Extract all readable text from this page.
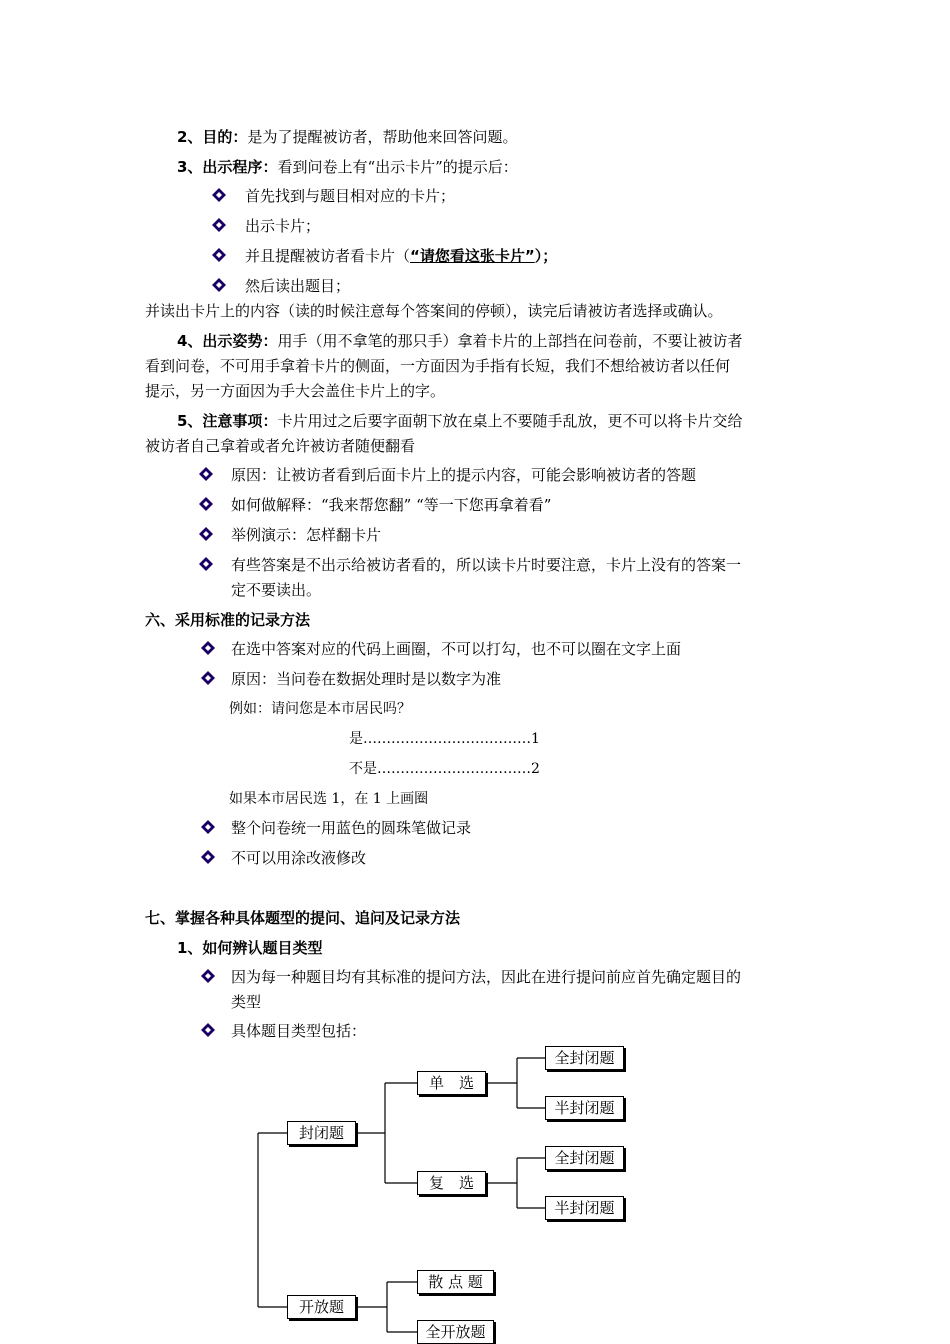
2、目的：是为了提醒被访者，帮助他来回答问题。
3、出示程序：看到问卷上有“出示卡片”的提示后：
首先找到与题目相对应的卡片；
出示卡片；
并且提醒被访者看卡片（“请您看这张卡片”）；
然后读出题目；
并读出卡片上的内容（读的时候注意每个答案间的停顿），读完后请被访者选择或确认。
4、出示姿势：用手（用不拿笔的那只手）拿着卡片的上部挡在问卷前，不要让被访者
看到问卷，不可用手拿着卡片的侧面，一方面因为手指有长短，我们不想给被访者以任何
提示，另一方面因为手大会盖住卡片上的字。
5、注意事项：卡片用过之后要字面朝下放在桌上不要随手乱放，更不可以将卡片交给
被访者自己拿着或者允许被访者随便翻看
原因：让被访者看到后面卡片上的提示内容，可能会影响被访者的答题
如何做解释：“我来帮您翻” “等一下您再拿着看”
举例演示：怎样翻卡片
有些答案是不出示给被访者看的，所以读卡片时要注意，卡片上没有的答案一
定不要读出。
六、采用标准的记录方法
在选中答案对应的代码上画圈，不可以打勾，也不可以圈在文字上面
原因：当问卷在数据处理时是以数字为准
例如：请问您是本市居民吗？
是………………………………1
不是……………………………2
如果本市居民选 1，在 1 上画圈
整个问卷统一用蓝色的圆珠笔做记录
不可以用涂改液修改
七、掌握各种具体题型的提问、追问及记录方法
1、如何辨认题目类型
因为每一种题目均有其标准的提问方法，因此在进行提问前应首先确定题目的
类型
具体题目类型包括：
封闭题
开放题
单　选
复　选
全封闭题
半封闭题
全封闭题
半封闭题
散 点 题
全开放题
